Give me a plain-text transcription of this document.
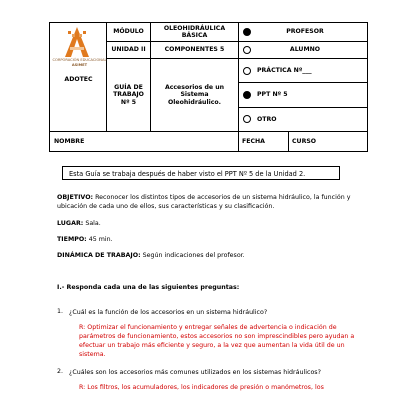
CORPORACIÓN EDUCACIONAL
ASIMET
ADOTEC	MÓDULO	OLEOHIDRÁULICA BÁSICA	PROFESOR	

	UNIDAD II	COMPONENTES 5	ALUMNO	

	GUÍA DE TRABAJO Nº 5	Accesorios de un Sistema Oleohidráulico.	PRÁCTICA Nº___
PPT Nº 5
OTRO	

NOMBRE			FECHA	CURSO
Esta Guía se trabaja después de haber visto el PPT Nº 5 de la Unidad 2.
OBJETIVO: Reconocer los distintos tipos de accesorios de un sistema hidráulico, la función y ubicación de cada uno de ellos, sus características y su clasificación.
LUGAR: Sala.
TIEMPO: 45 min.
DINÁMICA DE TRABAJO: Según indicaciones del profesor.
I.- Responda cada una de las siguientes preguntas:
1. ¿Cuál es la función de los accesorios en un sistema hidráulico?
R: Optimizar el funcionamiento y entregar señales de advertencia o indicación de parámetros de funcionamiento, estos accesorios no son imprescindibles pero ayudan a efectuar un trabajo más eficiente y seguro, a la vez que aumentan la vida útil de un sistema.
2. ¿Cuáles son los accesorios más comunes utilizados en los sistemas hidráulicos?
R: Los filtros, los acumuladores, los indicadores de presión o manómetros, los
